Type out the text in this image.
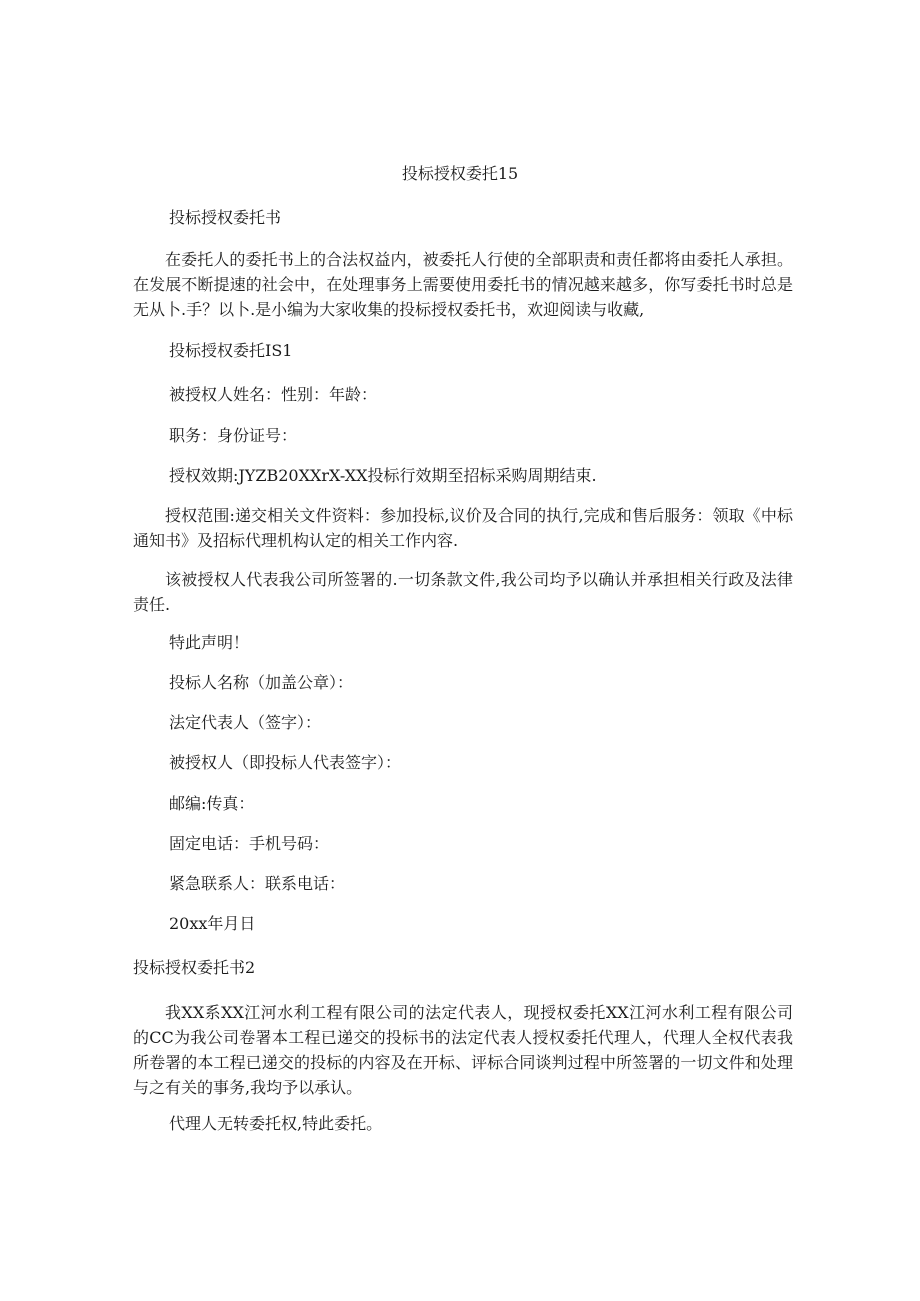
投标授权委托15
投标授权委托书
在委托人的委托书上的合法权益内，被委托人行使的全部职责和责任都将由委托人承担。在发展不断提速的社会中，在处理事务上需要使用委托书的情况越来越多，你写委托书时总是无从卜.手？以卜.是小编为大家收集的投标授权委托书，欢迎阅读与收藏,
投标授权委托IS1
被授权人姓名：性别：年龄：
职务：身份证号：
授权效期:JYZB20XXrX-XX投标行效期至招标采购周期结束.
授权范围:递交相关文件资料：参加投标,议价及合同的执行,完成和售后服务：领取《中标通知书》及招标代理机构认定的相关工作内容.
该被授权人代表我公司所签署的.一切条款文件,我公司均予以确认并承担相关行政及法律责任.
特此声明！
投标人名称（加盖公章）：
法定代表人（签字）：
被授权人（即投标人代表签字）：
邮编:传真：
固定电话：手机号码：
紧急联系人：联系电话：
20xx年月日
投标授权委托书2
我XX系XX江河水利工程有限公司的法定代表人，现授权委托XX江河水利工程有限公司的CC为我公司卷署本工程已递交的投标书的法定代表人授权委托代理人，代理人全权代表我所卷署的本工程已递交的投标的内容及在开标、评标合同谈判过程中所签署的一切文件和处理与之有关的事务,我均予以承认。
代理人无转委托权,特此委托。
